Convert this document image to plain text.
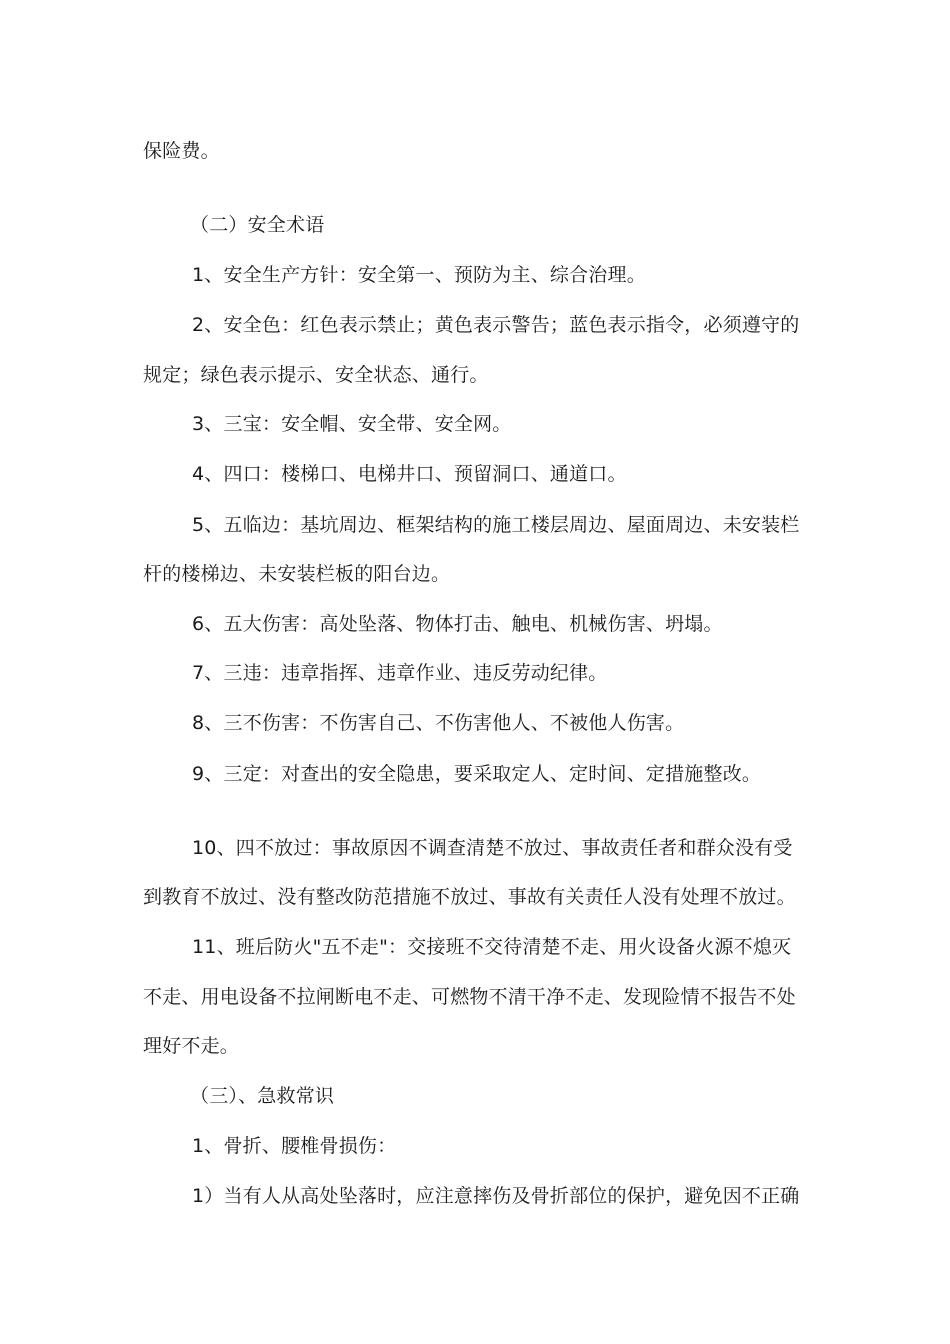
保险费。
（二）安全术语
1、安全生产方针：安全第一、预防为主、综合治理。
2、安全色：红色表示禁止；黄色表示警告；蓝色表示指令，必须遵守的
规定；绿色表示提示、安全状态、通行。
3、三宝：安全帽、安全带、安全网。
4、四口：楼梯口、电梯井口、预留洞口、通道口。
5、五临边：基坑周边、框架结构的施工楼层周边、屋面周边、未安装栏
杆的楼梯边、未安装栏板的阳台边。
6、五大伤害：高处坠落、物体打击、触电、机械伤害、坍塌。
7、三违：违章指挥、违章作业、违反劳动纪律。
8、三不伤害：不伤害自己、不伤害他人、不被他人伤害。
9、三定：对查出的安全隐患，要采取定人、定时间、定措施整改。
10、四不放过：事故原因不调查清楚不放过、事故责任者和群众没有受
到教育不放过、没有整改防范措施不放过、事故有关责任人没有处理不放过。
11、班后防火"五不走"：交接班不交待清楚不走、用火设备火源不熄灭
不走、用电设备不拉闸断电不走、可燃物不清干净不走、发现险情不报告不处
理好不走。
（三）、急救常识
1、骨折、腰椎骨损伤：
1）当有人从高处坠落时，应注意摔伤及骨折部位的保护，避免因不正确
